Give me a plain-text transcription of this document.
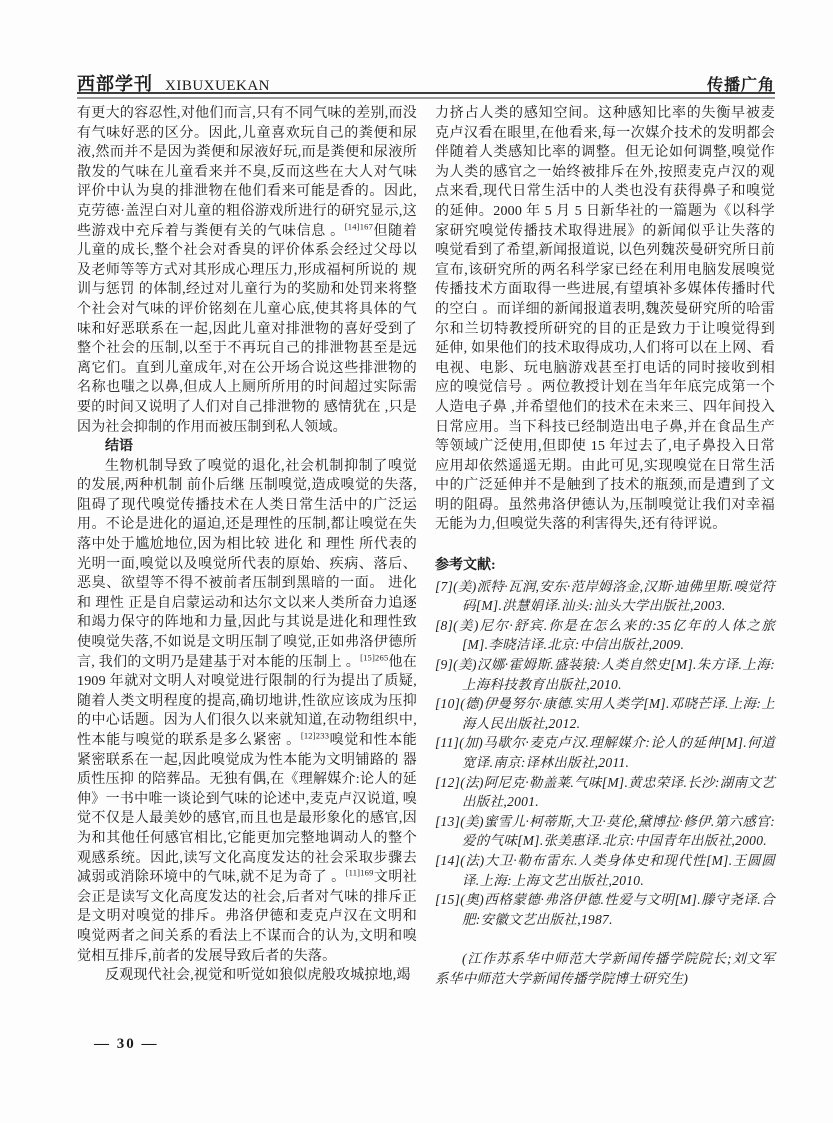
西部学刊 XIBUXUEKAN	传播广角

有更大的容忍性,对他们而言,只有不同气味的差别,而没有气味好恶的区分。因此,儿童喜欢玩自己的粪便和尿液,然而并不是因为粪便和尿液好玩,而是粪便和尿液所散发的气味在儿童看来并不臭,反而这些在大人对气味评价中认为臭的排泄物在他们看来可能是香的。因此,克劳德·盖涅白对儿童的粗俗游戏所进行的研究显示,这些游戏中充斥着与粪便有关的气味信息 。$^{[14]167}$但随着儿童的成长,整个社会对香臭的评价体系会经过父母以及老师等等方式对其形成心理压力,形成福柯所说的 规训与惩罚 的体制,经过对儿童行为的奖励和处罚来将整个社会对气味的评价铭刻在儿童心底,使其将具体的气味和好恶联系在一起,因此儿童对排泄物的喜好受到了整个社会的压制,以至于不再玩自己的排泄物甚至是远离它们。直到儿童成年,对在公开场合说这些排泄物的名称也嗤之以鼻,但成人上厕所所用的时间超过实际需要的时间又说明了人们对自己排泄物的 感情犹在 ,只是因为社会抑制的作用而被压制到私人领域。

结语

生物机制导致了嗅觉的退化,社会机制抑制了嗅觉的发展,两种机制 前仆后继 压制嗅觉,造成嗅觉的失落,阻碍了现代嗅觉传播技术在人类日常生活中的广泛运用。不论是进化的逼迫,还是理性的压制,都让嗅觉在失落中处于尴尬地位,因为相比较 进化 和 理性 所代表的光明一面,嗅觉以及嗅觉所代表的原始、疾病、落后、恶臭、欲望等不得不被前者压制到黑暗的一面。 进化 和 理性 正是自启蒙运动和达尔文以来人类所奋力追逐和竭力保守的阵地和力量,因此与其说是进化和理性致使嗅觉失落,不如说是文明压制了嗅觉,正如弗洛伊德所言, 我们的文明乃是建基于对本能的压制上 。$^{[15]265}$他在 1909 年就对文明人对嗅觉进行限制的行为提出了质疑, 随着人类文明程度的提高,确切地讲,性欲应该成为压抑的中心话题。因为人们很久以来就知道,在动物组织中,性本能与嗅觉的联系是多么紧密 。$^{[12]233}$嗅觉和性本能紧密联系在一起,因此嗅觉成为性本能为文明铺路的 器质性压抑 的陪葬品。无独有偶,在《理解媒介:论人的延伸》一书中唯一谈论到气味的论述中,麦克卢汉说道, 嗅觉不仅是人最美妙的感官,而且也是最形象化的感官,因为和其他任何感官相比,它能更加完整地调动人的整个观感系统。因此,读写文化高度发达的社会采取步骤去减弱或消除环境中的气味,就不足为奇了 。$^{[11]169}$文明社会正是读写文化高度发达的社会,后者对气味的排斥正是文明对嗅觉的排斥。弗洛伊德和麦克卢汉在文明和嗅觉两者之间关系的看法上不谋而合的认为,文明和嗅觉相互排斥,前者的发展导致后者的失落。

反观现代社会,视觉和听觉如狼似虎般攻城掠地,竭

力挤占人类的感知空间。这种感知比率的失衡早被麦克卢汉看在眼里,在他看来,每一次媒介技术的发明都会伴随着人类感知比率的调整。但无论如何调整,嗅觉作为人类的感官之一始终被排斥在外,按照麦克卢汉的观点来看,现代日常生活中的人类也没有获得鼻子和嗅觉的延伸。2000 年 5 月 5 日新华社的一篇题为《以科学家研究嗅觉传播技术取得进展》的新闻似乎让失落的嗅觉看到了希望,新闻报道说, 以色列魏茨曼研究所日前宣布,该研究所的两名科学家已经在利用电脑发展嗅觉传播技术方面取得一些进展,有望填补多媒体传播时代的空白 。而详细的新闻报道表明,魏茨曼研究所的哈雷尔和兰切特教授所研究的目的正是致力于让嗅觉得到延伸, 如果他们的技术取得成功,人们将可以在上网、看电视、电影、玩电脑游戏甚至打电话的同时接收到相应的嗅觉信号 。两位教授计划在当年年底完成第一个 人造电子鼻 ,并希望他们的技术在未来三、四年间投入日常应用。当下科技已经制造出电子鼻,并在食品生产等领域广泛使用,但即使 15 年过去了,电子鼻投入日常应用却依然遥遥无期。由此可见,实现嗅觉在日常生活中的广泛延伸并不是触到了技术的瓶颈,而是遭到了文明的阻碍。虽然弗洛伊德认为,压制嗅觉让我们对幸福无能为力,但嗅觉失落的利害得失,还有待评说。

参考文献:
[7](美)派特·瓦润,安东·范岸姆洛金,汉斯·迪佛里斯.嗅觉符码[M].洪慧娟译.汕头:汕头大学出版社,2003.
[8](美)尼尔·舒宾.你是在怎么来的:35亿年的人体之旅[M].李晓洁译.北京:中信出版社,2009.
[9](美)汉娜·霍姆斯.盛装猿:人类自然史[M].朱方译.上海:上海科技教育出版社,2010.
[10](德)伊曼努尔·康德.实用人类学[M].邓晓芒译.上海:上海人民出版社,2012.
[11](加)马歇尔·麦克卢汉.理解媒介:论人的延伸[M].何道宽译.南京:译林出版社,2011.
[12](法)阿尼克·勒盖莱.气味[M].黄忠荣译.长沙:湖南文艺出版社,2001.
[13](美)蜜雪儿·柯蒂斯,大卫·莫伦,黛博拉·修伊.第六感官:爱的气味[M].张美惠译.北京:中国青年出版社,2000.
[14](法)大卫·勒布雷东.人类身体史和现代性[M].王圆圆译.上海:上海文艺出版社,2010.
[15](奥)西格蒙德·弗洛伊德.性爱与文明[M].滕守尧译.合肥:安徽文艺出版社,1987.
(江作苏系华中师范大学新闻传播学院院长;刘文军系华中师范大学新闻传播学院博士研究生)
— 30 —
